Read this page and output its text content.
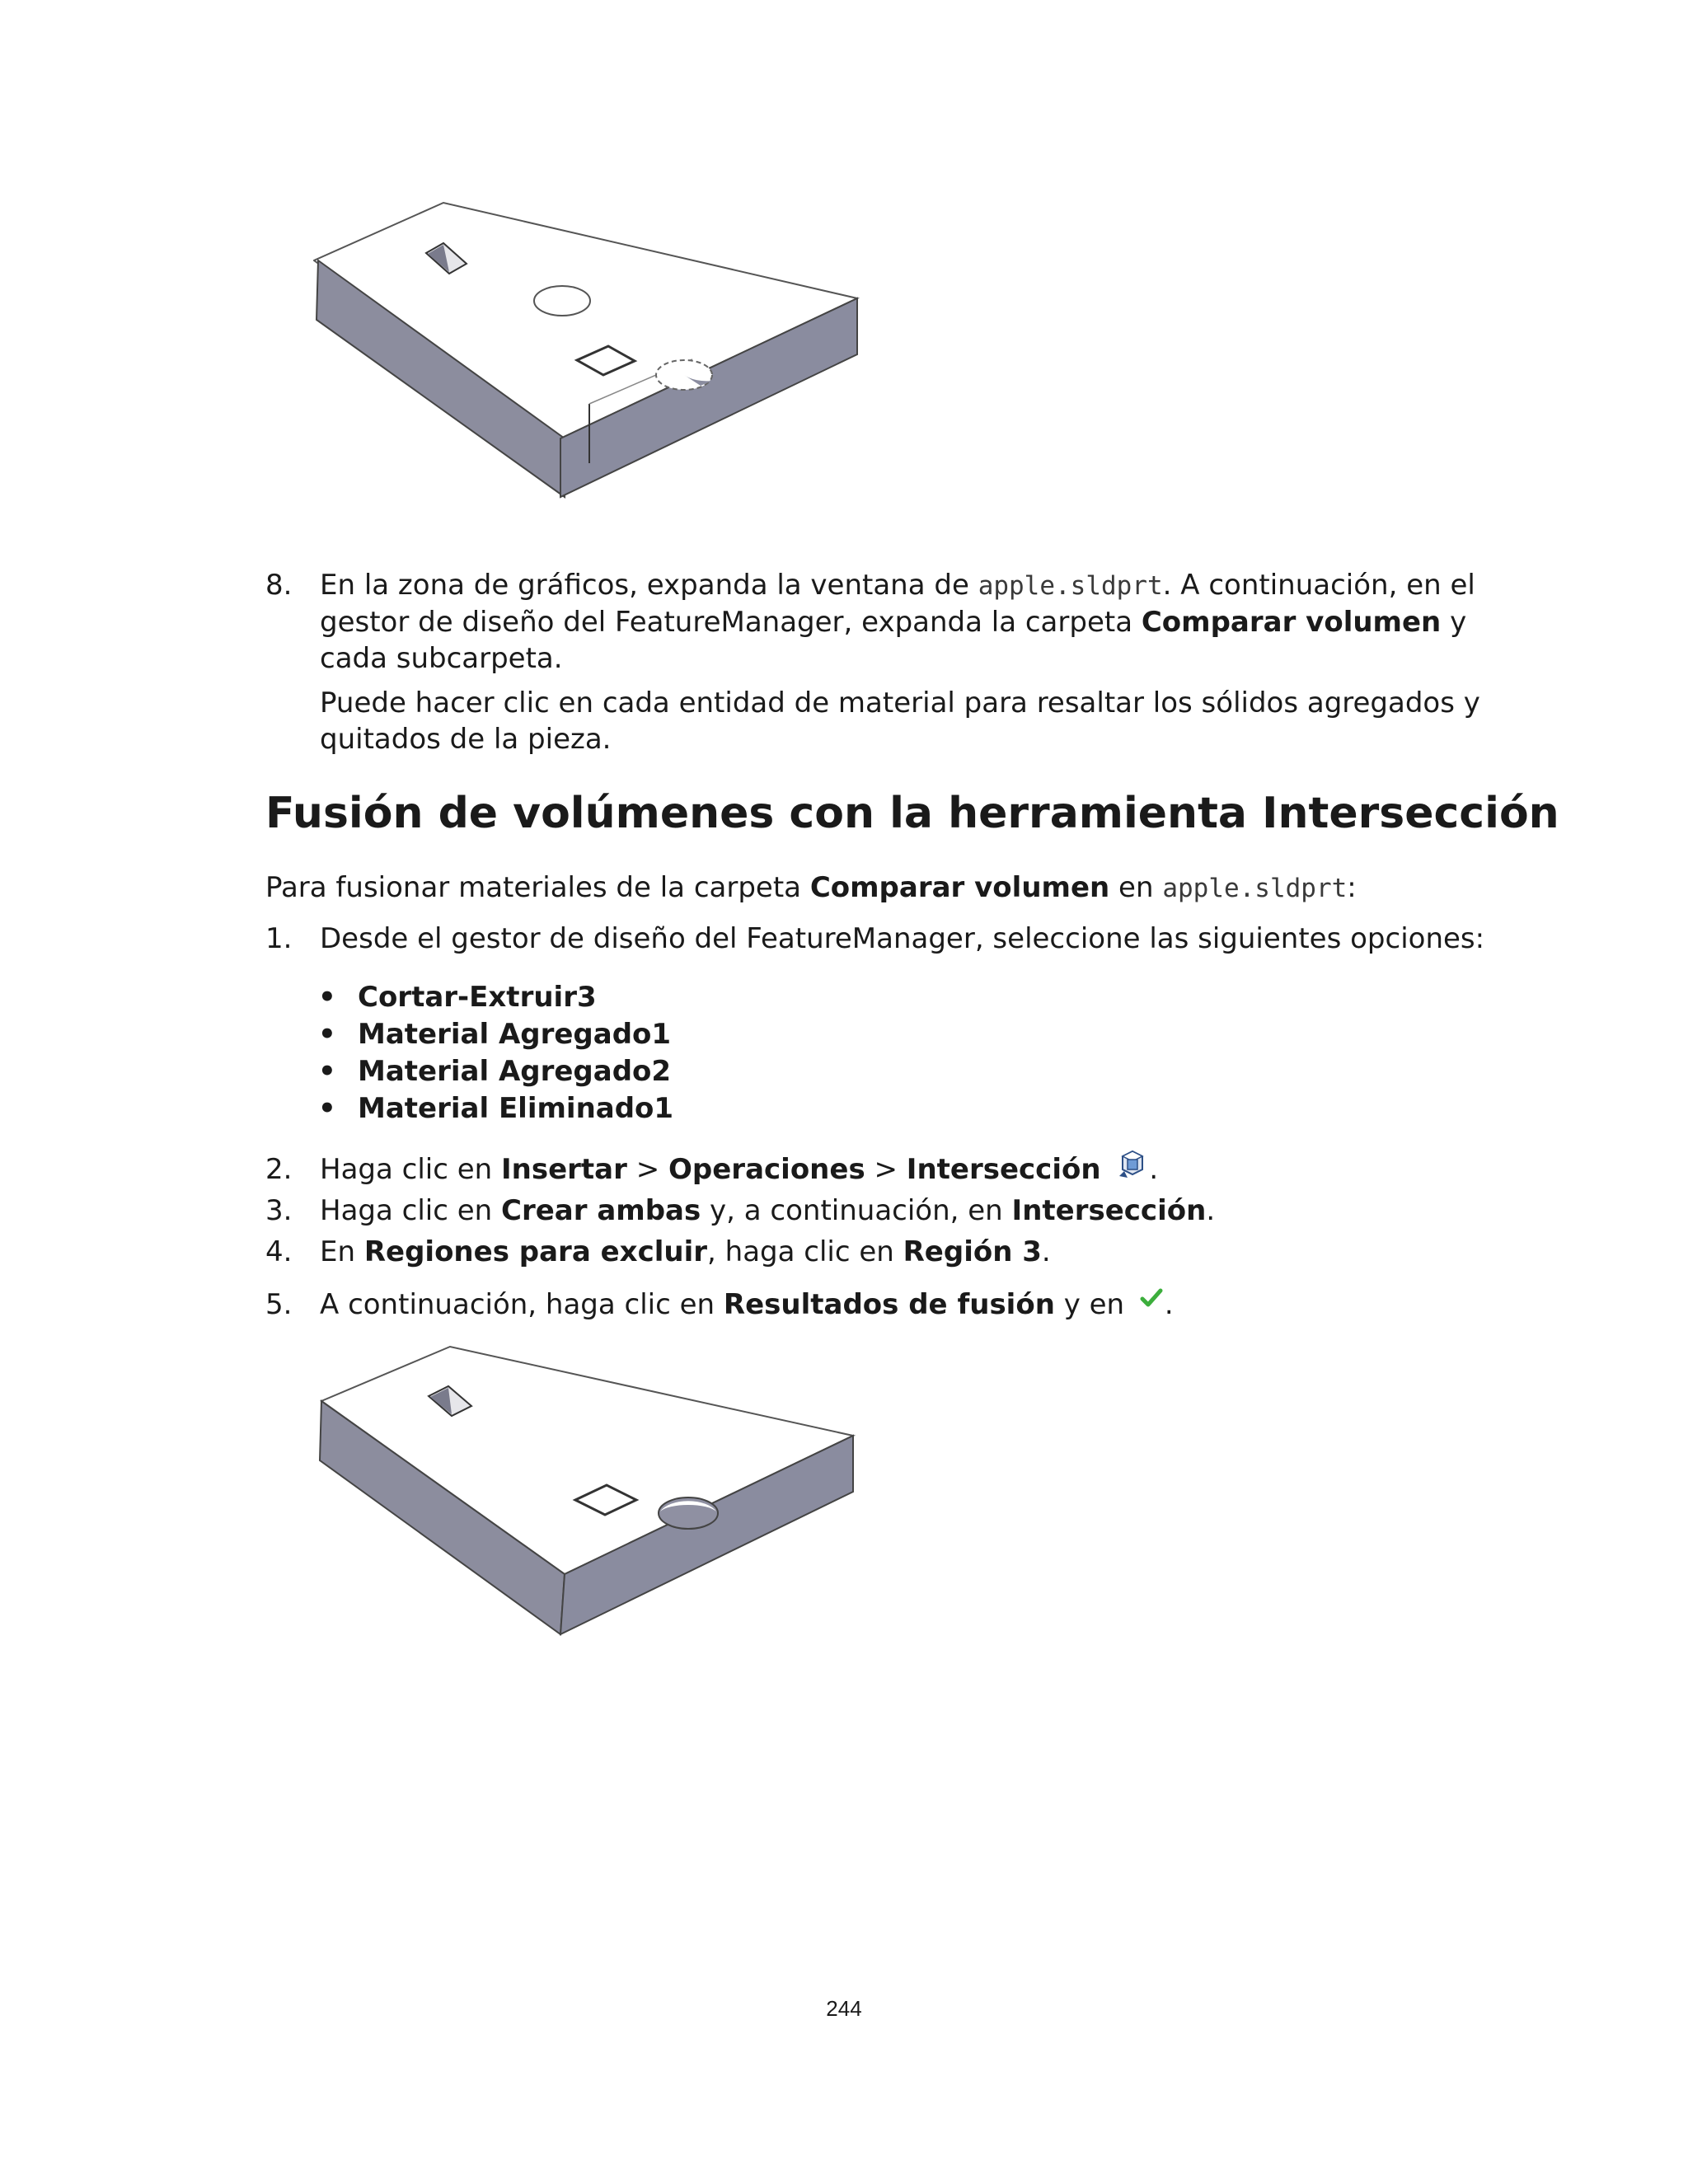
8. En la zona de gráficos, expanda la ventana de apple.sldprt. A continuación, en el
gestor de diseño del FeatureManager, expanda la carpeta Comparar volumen y
cada subcarpeta.
Puede hacer clic en cada entidad de material para resaltar los sólidos agregados y
quitados de la pieza.
Fusión de volúmenes con la herramienta Intersección
Para fusionar materiales de la carpeta Comparar volumen en apple.sldprt:
1. Desde el gestor de diseño del FeatureManager, seleccione las siguientes opciones:
• Cortar-Extruir3
• Material Agregado1
• Material Agregado2
• Material Eliminado1
2. Haga clic en Insertar > Operaciones > Intersección .
3. Haga clic en Crear ambas y, a continuación, en Intersección.
4. En Regiones para excluir, haga clic en Región 3.
5. A continuación, haga clic en Resultados de fusión y en .
244
